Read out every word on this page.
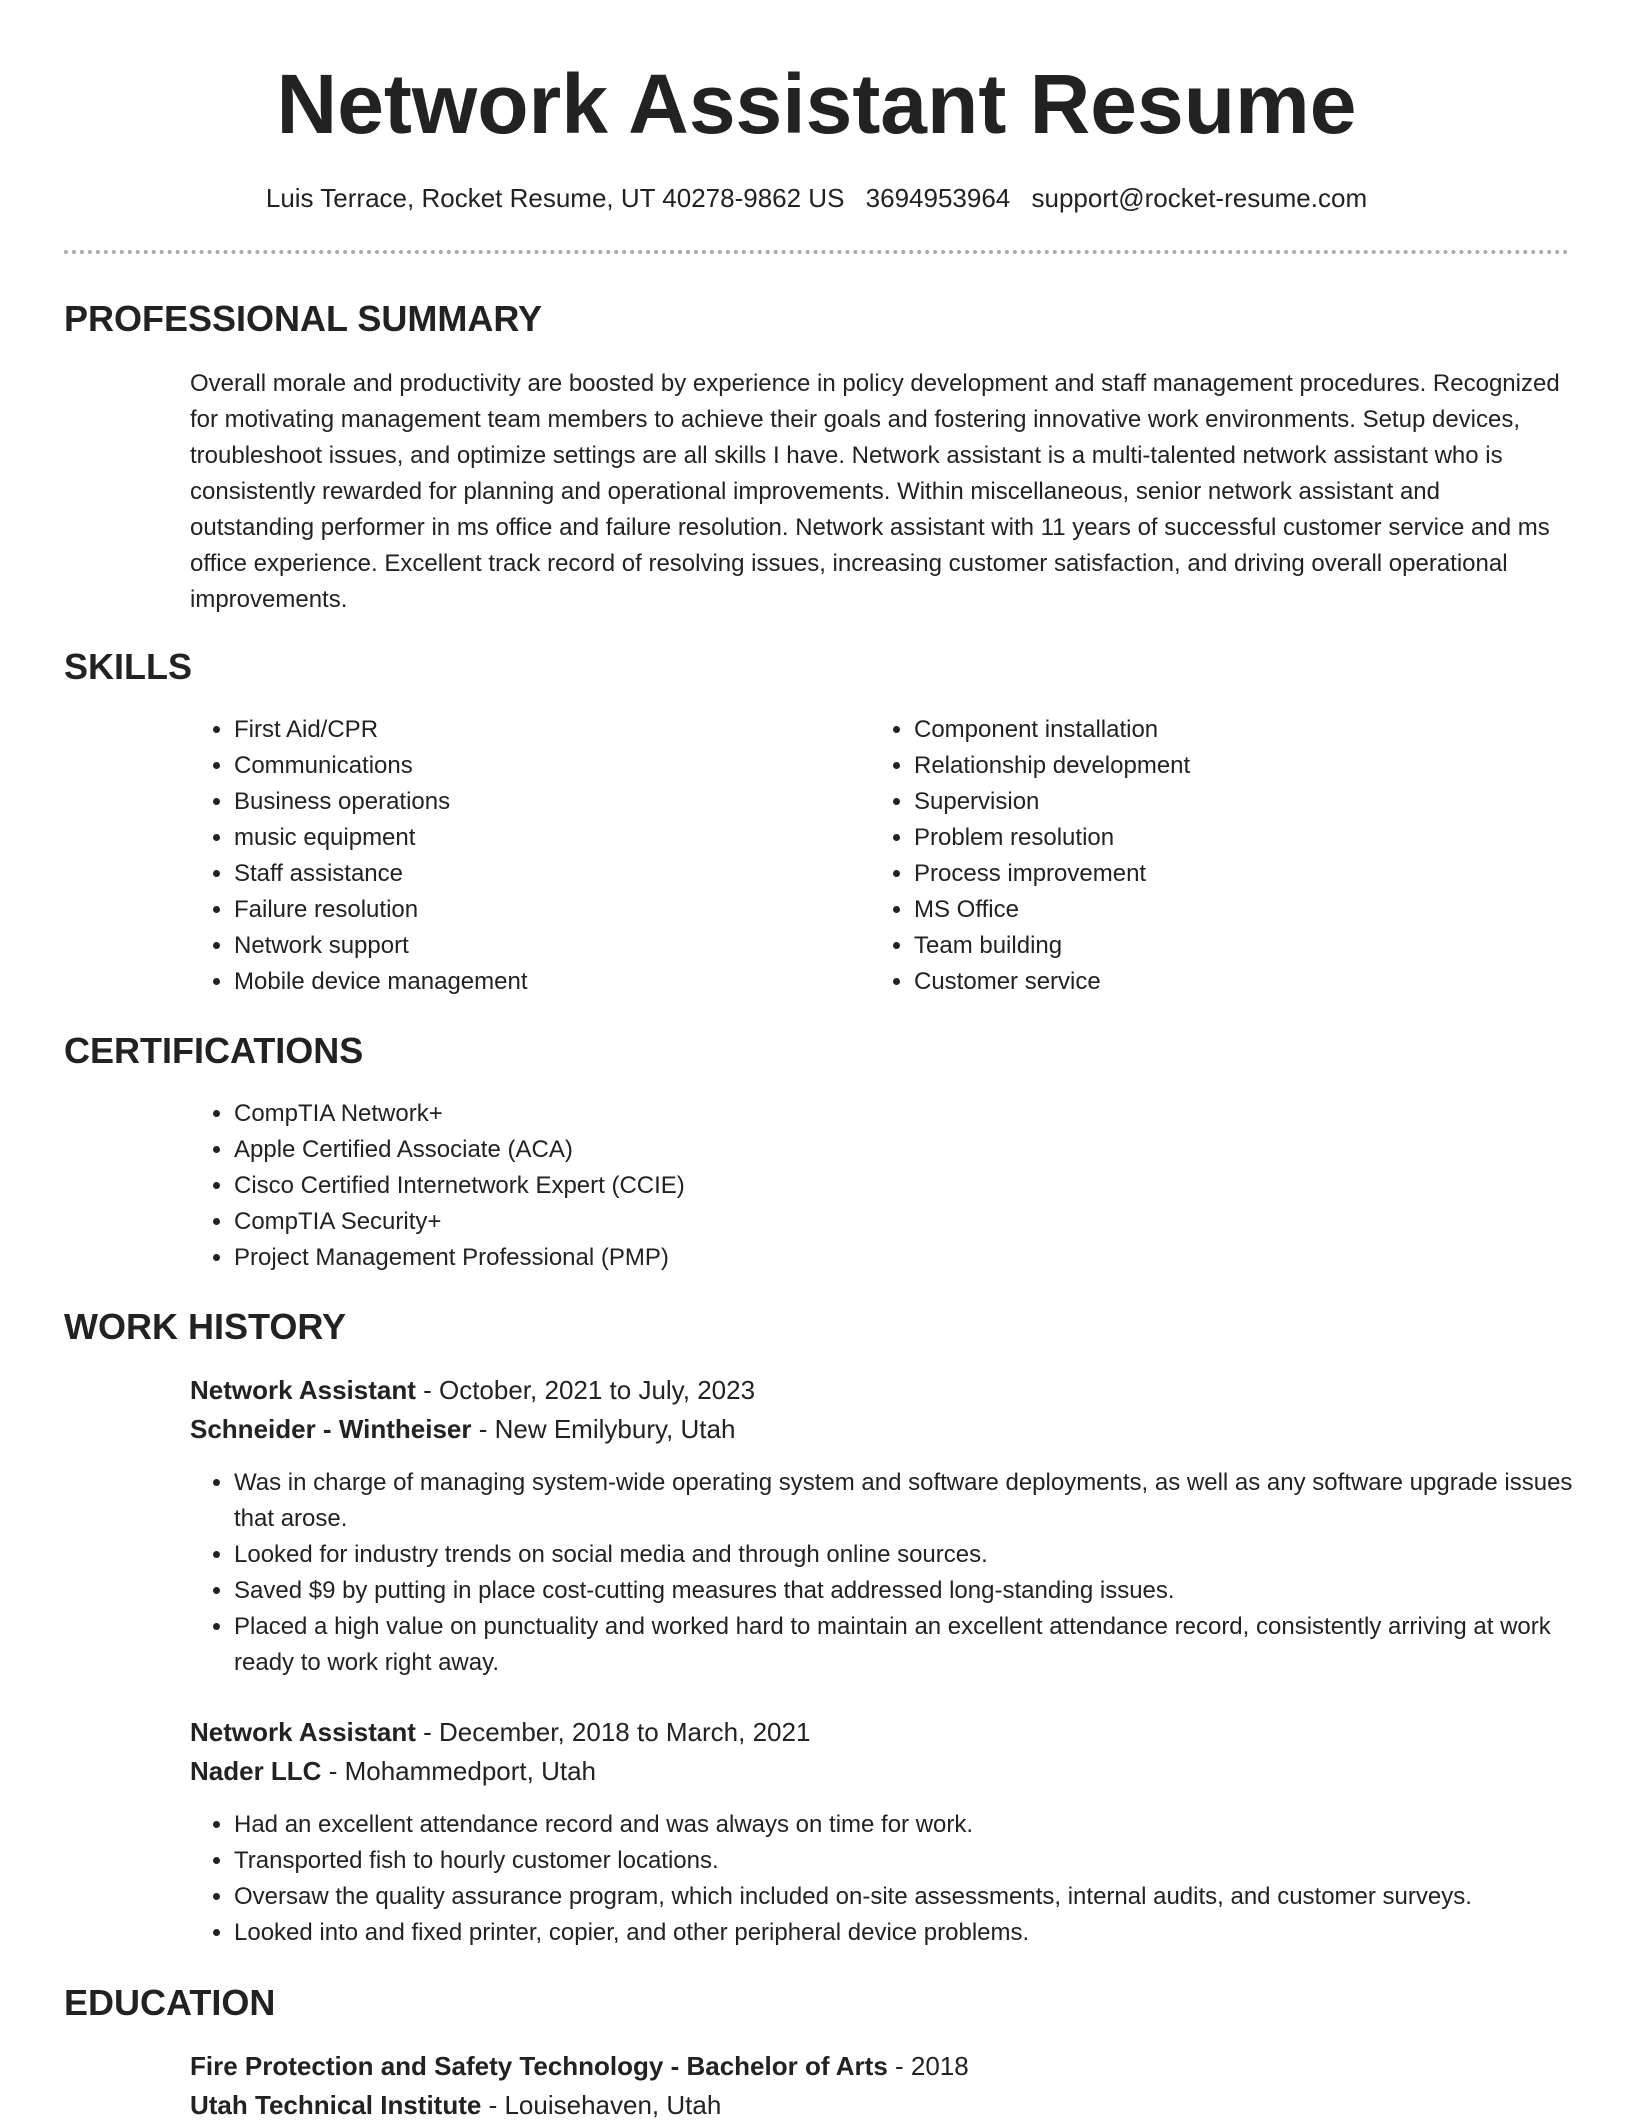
Network Assistant Resume
Luis Terrace, Rocket Resume, UT 40278-9862 US 3694953964 support@rocket-resume.com
PROFESSIONAL SUMMARY

Overall morale and productivity are boosted by experience in policy development and staff management procedures. Recognized for motivating management team members to achieve their goals and fostering innovative work environments. Setup devices, troubleshoot issues, and optimize settings are all skills I have. Network assistant is a multi-talented network assistant who is consistently rewarded for planning and operational improvements. Within miscellaneous, senior network assistant and outstanding performer in ms office and failure resolution. Network assistant with 11 years of successful customer service and ms office experience. Excellent track record of resolving issues, increasing customer satisfaction, and driving overall operational improvements.

SKILLS
• First Aid/CPR
• Communications
• Business operations
• music equipment
• Staff assistance
• Failure resolution
• Network support
• Mobile device management
• Component installation
• Relationship development
• Supervision
• Problem resolution
• Process improvement
• MS Office
• Team building
• Customer service
CERTIFICATIONS
• CompTIA Network+
• Apple Certified Associate (ACA)
• Cisco Certified Internetwork Expert (CCIE)
• CompTIA Security+
• Project Management Professional (PMP)
WORK HISTORY
Network Assistant - October, 2021 to July, 2023
Schneider - Wintheiser - New Emilybury, Utah
• Was in charge of managing system-wide operating system and software deployments, as well as any software upgrade issues that arose.
• Looked for industry trends on social media and through online sources.
• Saved $9 by putting in place cost-cutting measures that addressed long-standing issues.
• Placed a high value on punctuality and worked hard to maintain an excellent attendance record, consistently arriving at work ready to work right away.
Network Assistant - December, 2018 to March, 2021
Nader LLC - Mohammedport, Utah
• Had an excellent attendance record and was always on time for work.
• Transported fish to hourly customer locations.
• Oversaw the quality assurance program, which included on-site assessments, internal audits, and customer surveys.
• Looked into and fixed printer, copier, and other peripheral device problems.
EDUCATION
Fire Protection and Safety Technology - Bachelor of Arts - 2018
Utah Technical Institute - Louisehaven, Utah
